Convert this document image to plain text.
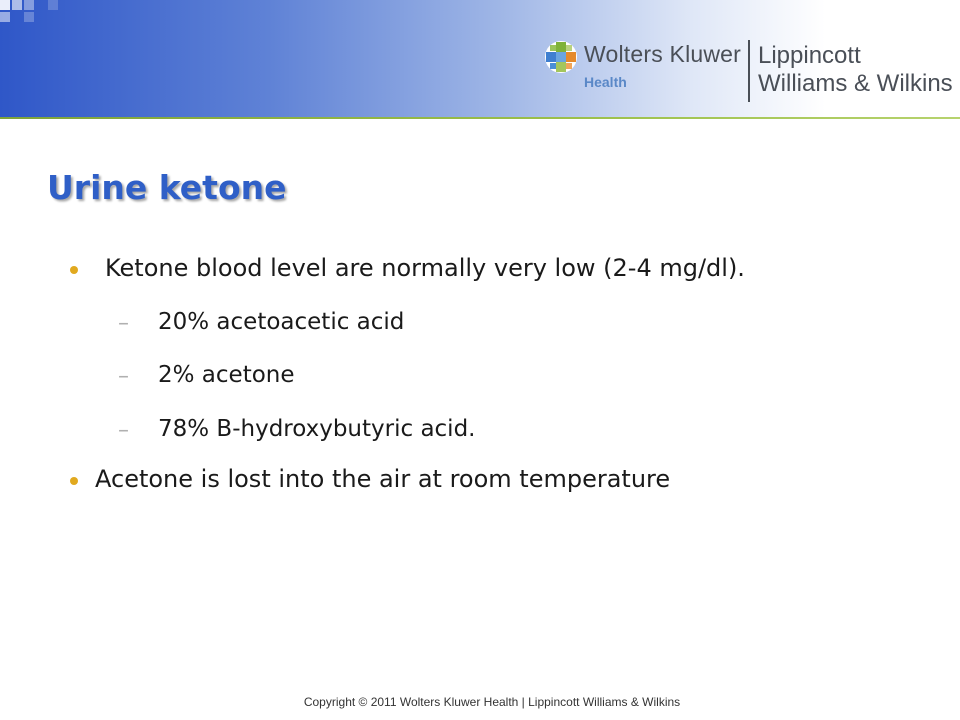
Wolters Kluwer
Health
Lippincott
Williams & Wilkins
Urine ketone
Ketone blood level are normally very low (2-4 mg/dl).
– 20% acetoacetic acid
– 2% acetone
– 78% B-hydroxybutyric acid.
Acetone is lost into the air at room temperature
Copyright © 2011 Wolters Kluwer Health | Lippincott Williams & Wilkins
